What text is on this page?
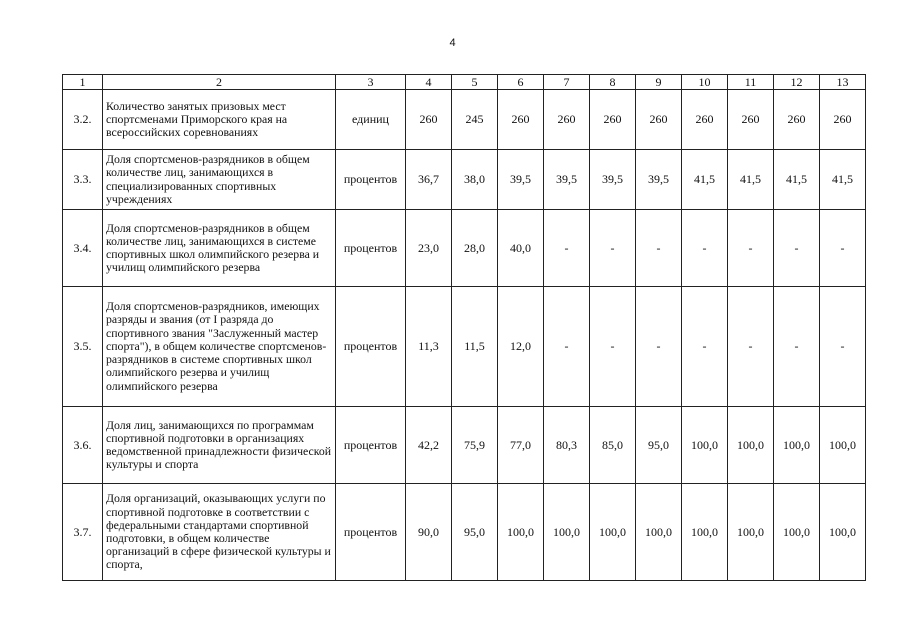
4
1	2	3	4	5	6	7	8	9	10	11	12	13
3.2.	Количество занятых призовых мест спортсменами Приморского края на всероссийских соревнованиях	единиц	260	245	260	260	260	260	260	260	260	260
3.3.	Доля спортсменов-разрядников в общем количестве лиц, занимающихся в специализированных спортивных учреждениях	процентов	36,7	38,0	39,5	39,5	39,5	39,5	41,5	41,5	41,5	41,5
3.4.	Доля спортсменов-разрядников в общем количестве лиц, занимающихся в системе спортивных школ олимпийского резерва и училищ олимпийского резерва	процентов	23,0	28,0	40,0	-	-	-	-	-	-	-
3.5.	Доля спортсменов-разрядников, имеющих разряды и звания (от I разряда до спортивного звания "Заслуженный мастер спорта"), в общем количестве спортсменов-разрядников в системе спортивных школ олимпийского резерва и училищ олимпийского резерва	процентов	11,3	11,5	12,0	-	-	-	-	-	-	-
3.6.	Доля лиц, занимающихся по программам спортивной подготовки в организациях ведомственной принадлежности физической культуры и спорта	процентов	42,2	75,9	77,0	80,3	85,0	95,0	100,0	100,0	100,0	100,0
3.7.	Доля организаций, оказывающих услуги по спортивной подготовке в соответствии с федеральными стандартами спортивной подготовки, в общем количестве организаций в сфере физической культуры и спорта,	процентов	90,0	95,0	100,0	100,0	100,0	100,0	100,0	100,0	100,0	100,0
